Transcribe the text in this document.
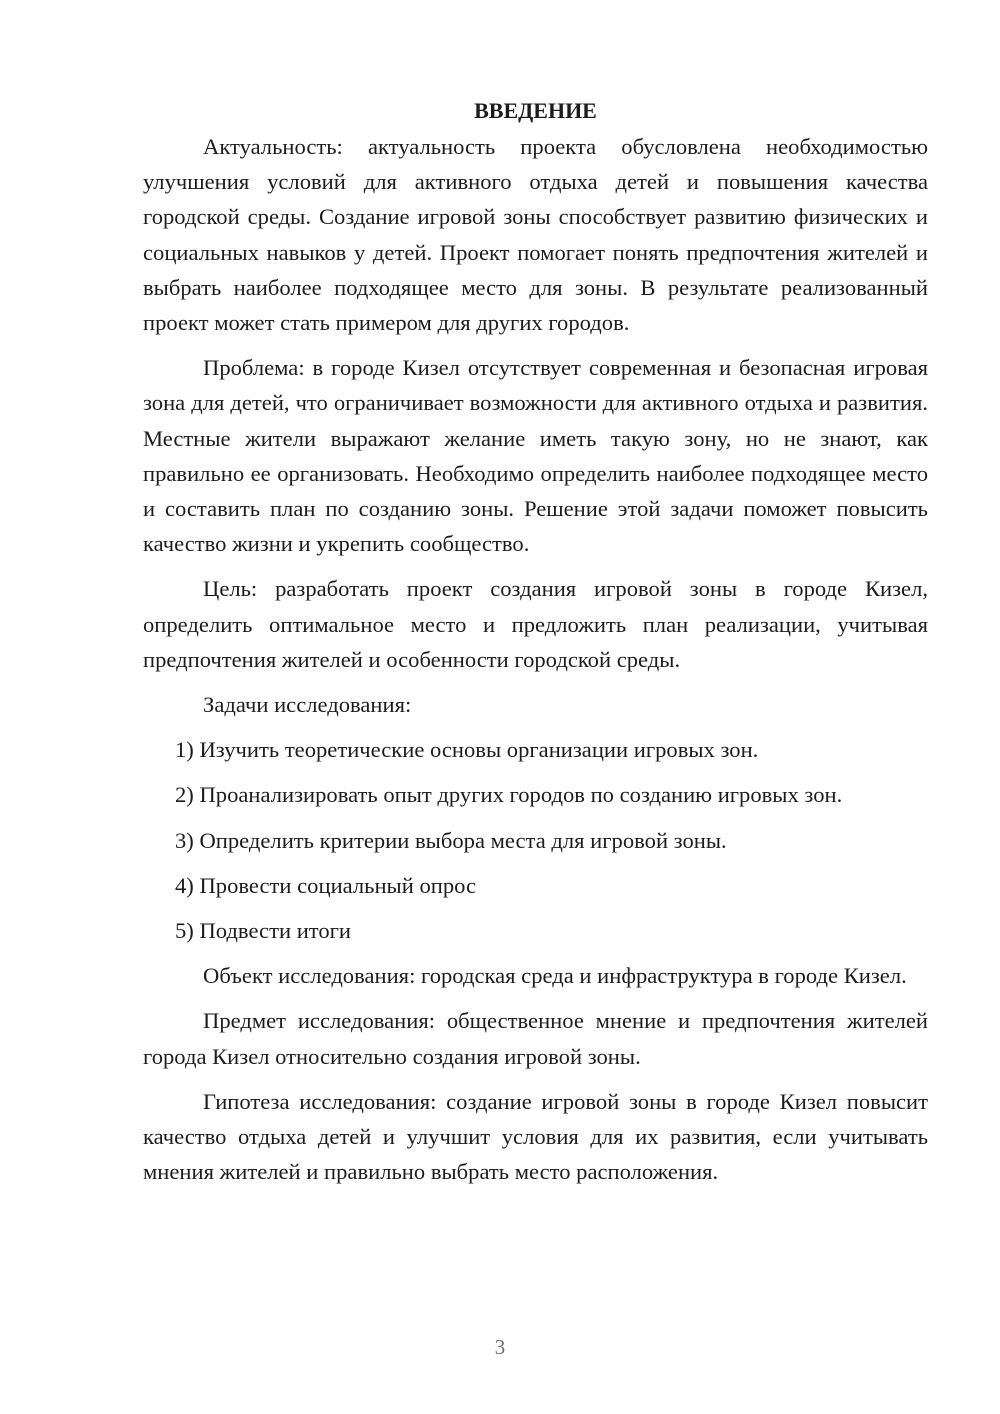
ВВЕДЕНИЕ

Актуальность: актуальность проекта обусловлена необходимостью улучшения условий для активного отдыха детей и повышения качества городской среды. Создание игровой зоны способствует развитию физических и социальных навыков у детей. Проект помогает понять предпочтения жителей и выбрать наиболее подходящее место для зоны. В результате реализованный проект может стать примером для других городов.

Проблема: в городе Кизел отсутствует современная и безопасная игровая зона для детей, что ограничивает возможности для активного отдыха и развития. Местные жители выражают желание иметь такую зону, но не знают, как правильно ее организовать. Необходимо определить наиболее подходящее место и составить план по созданию зоны. Решение этой задачи поможет повысить качество жизни и укрепить сообщество.

Цель: разработать проект создания игровой зоны в городе Кизел, определить оптимальное место и предложить план реализации, учитывая предпочтения жителей и особенности городской среды.

Задачи исследования:

1) Изучить теоретические основы организации игровых зон.

2) Проанализировать опыт других городов по созданию игровых зон.

3) Определить критерии выбора места для игровой зоны.

4) Провести социальный опрос

5) Подвести итоги

Объект исследования: городская среда и инфраструктура в городе Кизел.

Предмет исследования: общественное мнение и предпочтения жителей города Кизел относительно создания игровой зоны.

Гипотеза исследования: создание игровой зоны в городе Кизел повысит качество отдыха детей и улучшит условия для их развития, если учитывать мнения жителей и правильно выбрать место расположения.

3
